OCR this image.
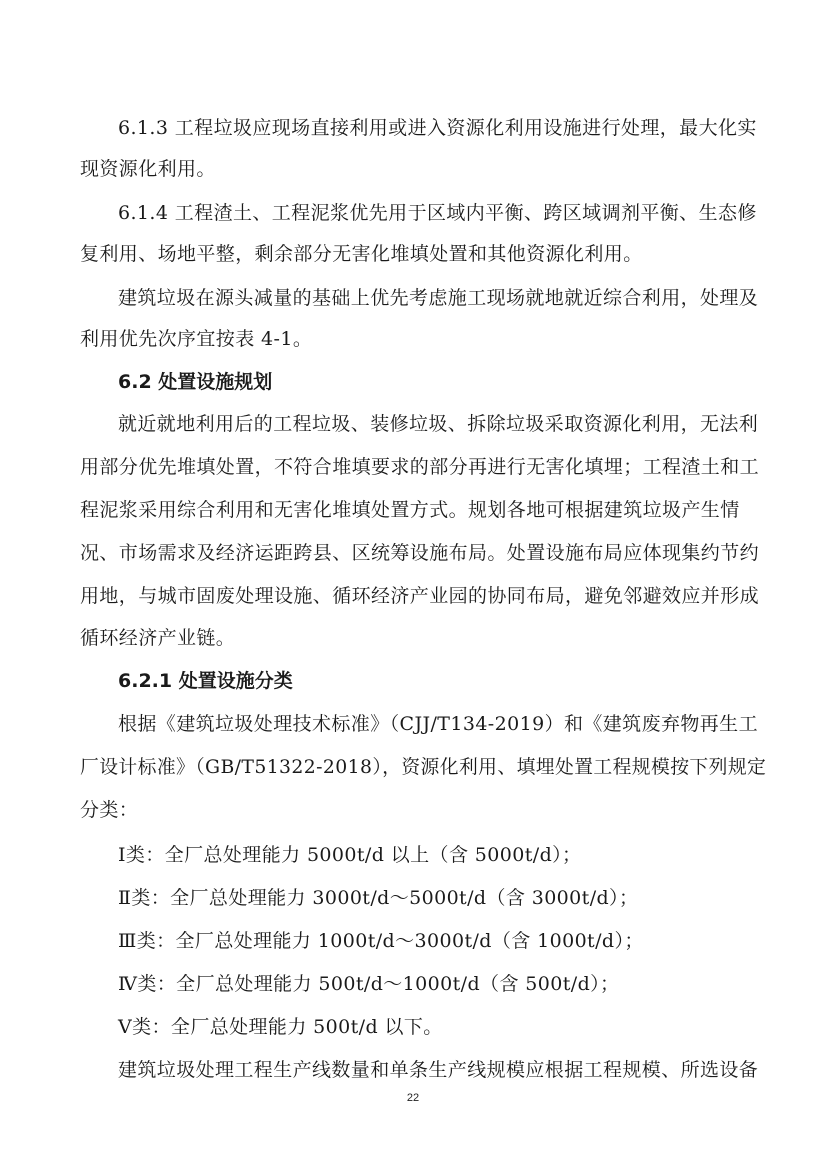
6.1.3 工程垃圾应现场直接利用或进入资源化利用设施进行处理，最大化实
现资源化利用。
6.1.4 工程渣土、工程泥浆优先用于区域内平衡、跨区域调剂平衡、生态修
复利用、场地平整，剩余部分无害化堆填处置和其他资源化利用。
建筑垃圾在源头减量的基础上优先考虑施工现场就地就近综合利用，处理及
利用优先次序宜按表 4-1。
6.2 处置设施规划
就近就地利用后的工程垃圾、装修垃圾、拆除垃圾采取资源化利用，无法利
用部分优先堆填处置，不符合堆填要求的部分再进行无害化填埋；工程渣土和工
程泥浆采用综合利用和无害化堆填处置方式。规划各地可根据建筑垃圾产生情
况、市场需求及经济运距跨县、区统筹设施布局。处置设施布局应体现集约节约
用地，与城市固废处理设施、循环经济产业园的协同布局，避免邻避效应并形成
循环经济产业链。
6.2.1 处置设施分类
根据《建筑垃圾处理技术标准》（CJJ/T134-2019）和《建筑废弃物再生工
厂设计标准》（GB/T51322-2018），资源化利用、填埋处置工程规模按下列规定
分类：
Ⅰ类：全厂总处理能力 5000t/d 以上（含 5000t/d）；
Ⅱ类：全厂总处理能力 3000t/d～5000t/d（含 3000t/d）；
Ⅲ类：全厂总处理能力 1000t/d～3000t/d（含 1000t/d）；
Ⅳ类：全厂总处理能力 500t/d～1000t/d（含 500t/d）；
Ⅴ类：全厂总处理能力 500t/d 以下。
建筑垃圾处理工程生产线数量和单条生产线规模应根据工程规模、所选设备
22
